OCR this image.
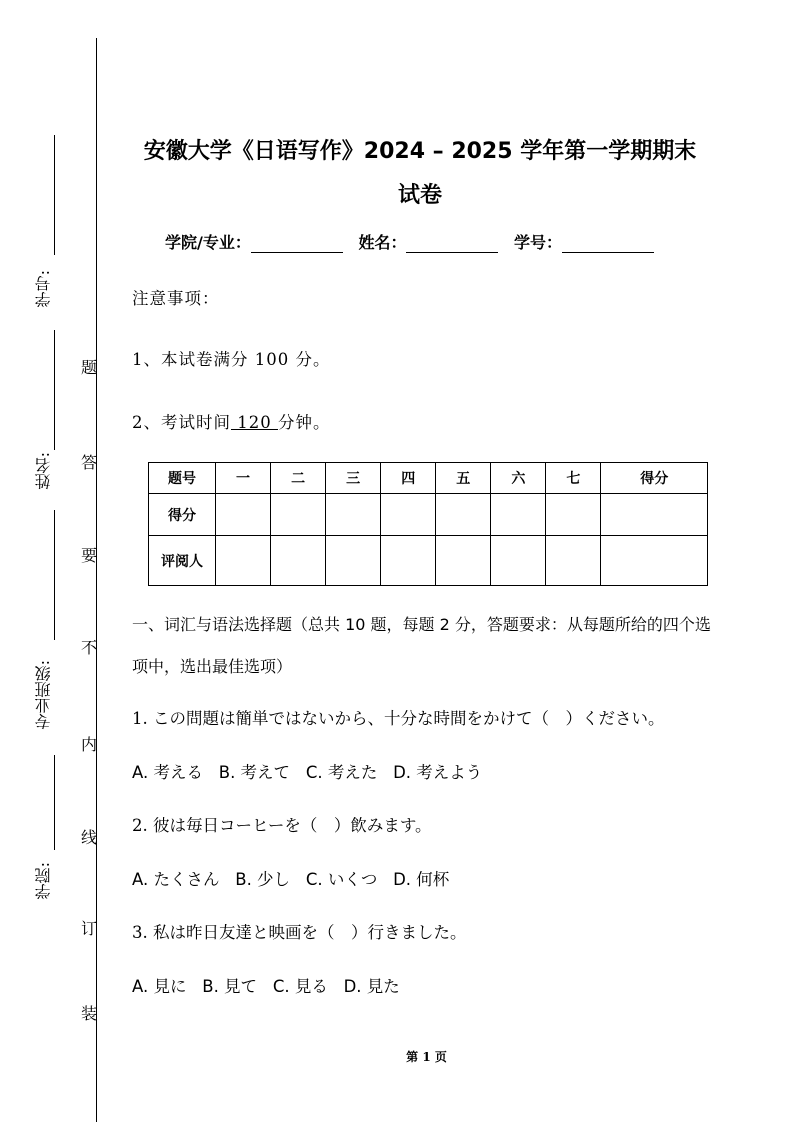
学号:
姓名:
专业班级:
学院:
题
答
要
不
内
线
订
装
安徽大学《日语写作》2024 – 2025 学年第一学期期末
试卷
学院/专业：	姓名：	学号：
注意事项：
1、本试卷满分 100 分。
2、考试时间 120 分钟。
题号	一	二	三	四	五	六	七	得分
得分								
评阅人								
一、词汇与语法选择题（总共 10 题，每题 2 分，答题要求：从每题所给的四个选项中，选出最佳选项）
1. この問題は簡単ではないから、十分な時間をかけて（　）ください。
A. 考える B. 考えて C. 考えた D. 考えよう
2. 彼は毎日コーヒーを（　）飲みます。
A. たくさん B. 少し C. いくつ D. 何杯
3. 私は昨日友達と映画を（　）行きました。
A. 見に B. 見て C. 見る D. 見た
第 1 页
